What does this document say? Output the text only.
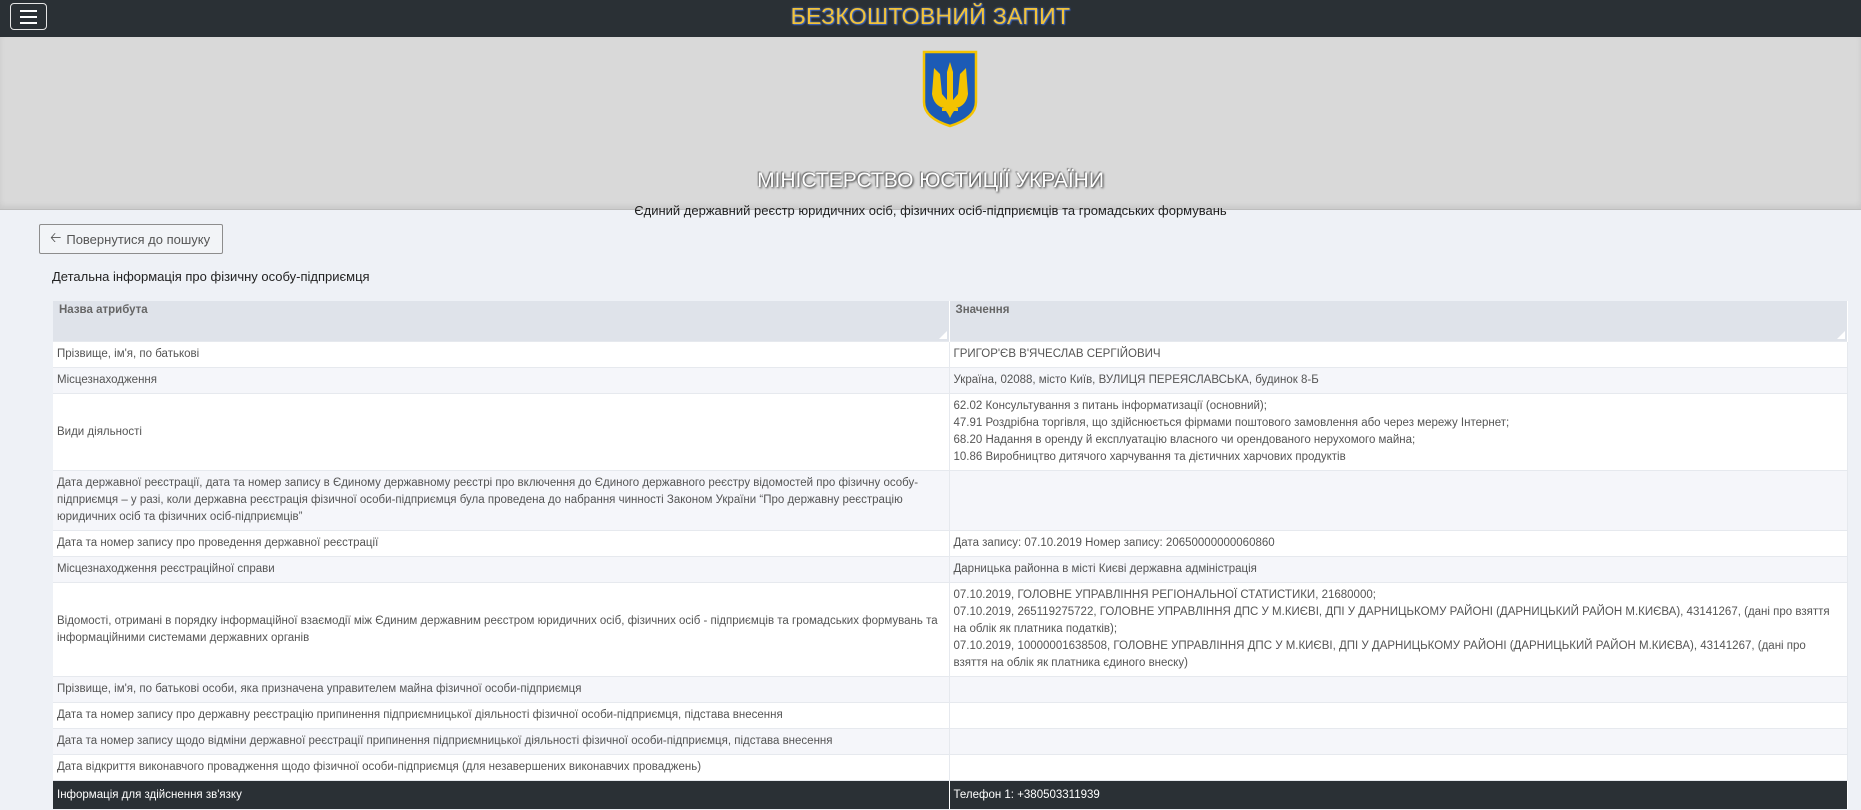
БЕЗКОШТОВНИЙ ЗАПИТ
МІНІСТЕРСТВО ЮСТИЦІЇ УКРАЇНИ
Єдиний державний реєстр юридичних осіб, фізичних осіб-підприємців та громадських формувань
🡠 Повернутися до пошуку
Детальна інформація про фізичну особу-підприємця
Назва атрибута	Значення

Прізвище, ім'я, по батькові	ГРИГОР'ЄВ В'ЯЧЕСЛАВ СЕРГІЙОВИЧ

Місцезнаходження	Україна, 02088, місто Київ, ВУЛИЦЯ ПЕРЕЯСЛАВСЬКА, будинок 8-Б

Види діяльності	62.02 Консультування з питань інформатизації (основний);
47.91 Роздрібна торгівля, що здійснюється фірмами поштового замовлення або через мережу Інтернет;
68.20 Надання в оренду й експлуатацію власного чи орендованого нерухомого майна;
10.86 Виробництво дитячого харчування та дієтичних харчових продуктів

Дата державної реєстрації, дата та номер запису в Єдиному державному реєстрі про включення до Єдиного державного реєстру відомостей про фізичну особу-підприємця – у разі, коли державна реєстрація фізичної особи-підприємця була проведена до набрання чинності Законом України “Про державну реєстрацію юридичних осіб та фізичних осіб-підприємців”	

Дата та номер запису про проведення державної реєстрації	Дата запису: 07.10.2019 Номер запису: 20650000000060860

Місцезнаходження реєстраційної справи	Дарницька районна в місті Києві державна адміністрація

Відомості, отримані в порядку інформаційної взаємодії між Єдиним державним реєстром юридичних осіб, фізичних осіб - підприємців та громадських формувань та інформаційними системами державних органів	07.10.2019, ГОЛОВНЕ УПРАВЛІННЯ РЕГІОНАЛЬНОЇ СТАТИСТИКИ, 21680000;
07.10.2019, 265119275722, ГОЛОВНЕ УПРАВЛІННЯ ДПС У М.КИЄВІ, ДПІ У ДАРНИЦЬКОМУ РАЙОНІ (ДАРНИЦЬКИЙ РАЙОН М.КИЄВА), 43141267, (дані про взяття на облік як платника податків);
07.10.2019, 10000001638508, ГОЛОВНЕ УПРАВЛІННЯ ДПС У М.КИЄВІ, ДПІ У ДАРНИЦЬКОМУ РАЙОНІ (ДАРНИЦЬКИЙ РАЙОН М.КИЄВА), 43141267, (дані про взяття на облік як платника єдиного внеску)

Прізвище, ім'я, по батькові особи, яка призначена управителем майна фізичної особи-підприємця	

Дата та номер запису про державну реєстрацію припинення підприємницької діяльності фізичної особи-підприємця, підстава внесення	

Дата та номер запису щодо відміни державної реєстрації припинення підприємницької діяльності фізичної особи-підприємця, підстава внесення	

Дата відкриття виконавчого провадження щодо фізичної особи-підприємця (для незавершених виконавчих проваджень)	

Інформація для здійснення зв'язку	Телефон 1: +380503311939
